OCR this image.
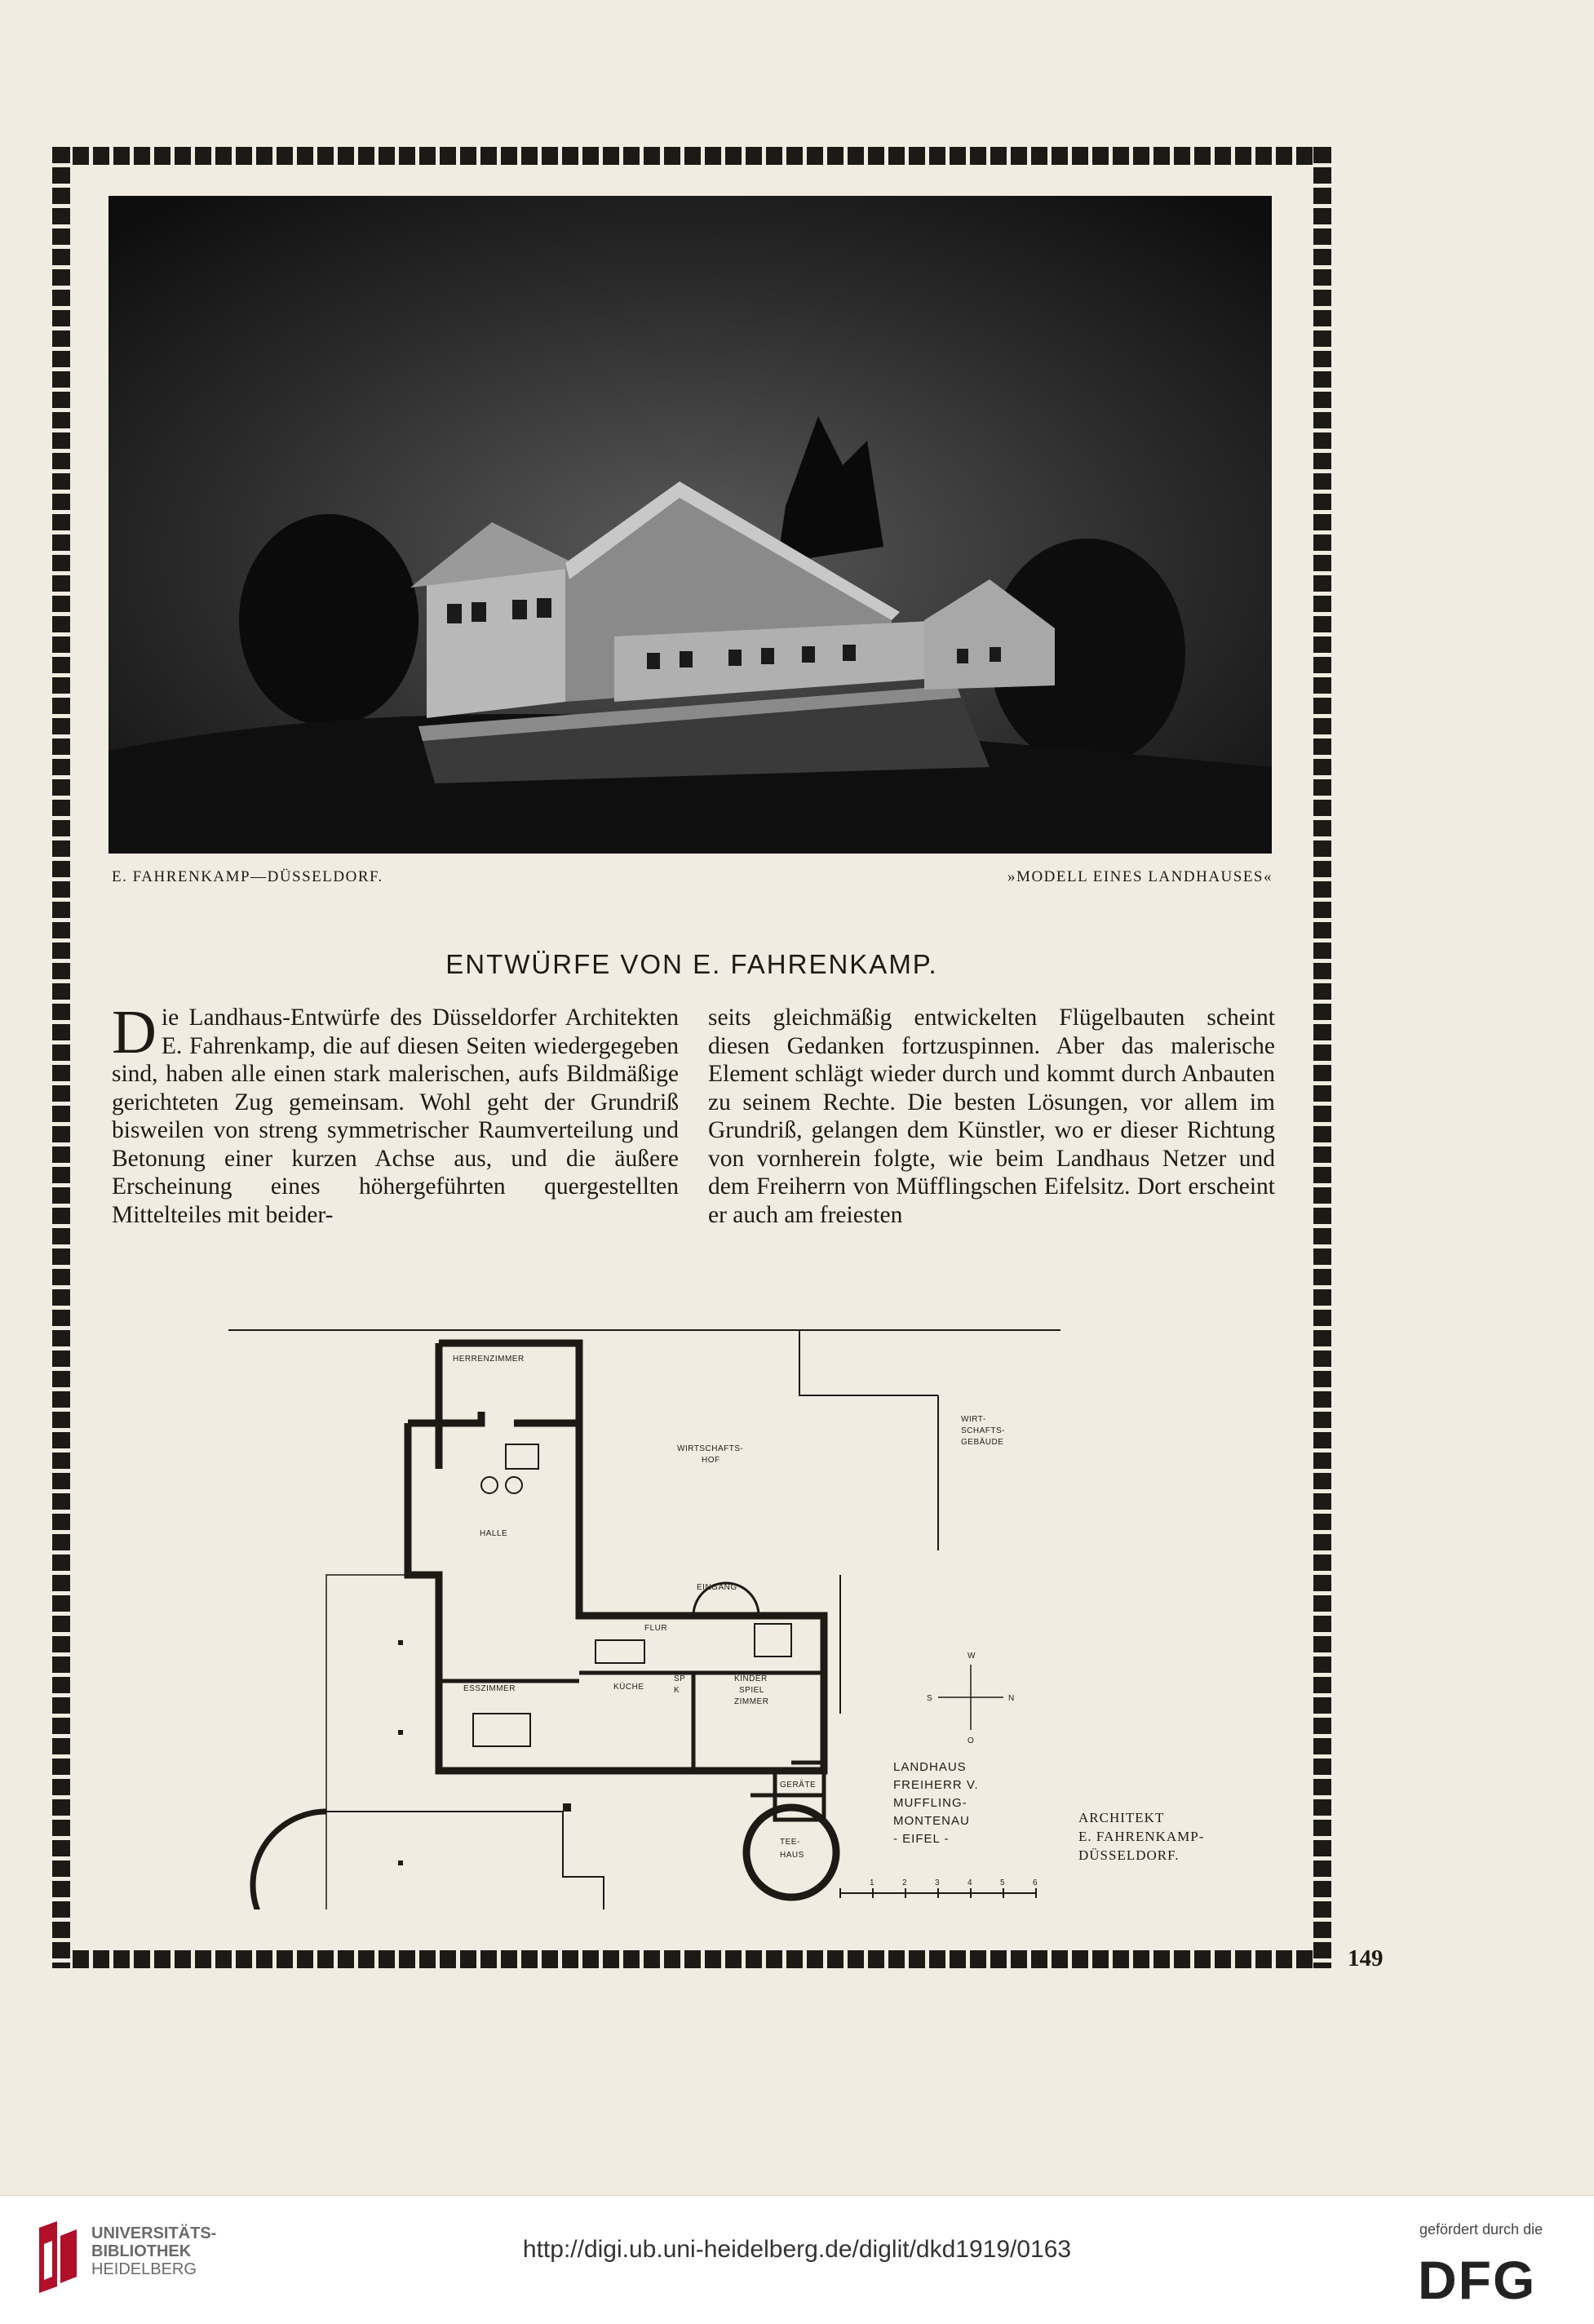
E. FAHRENKAMP—DÜSSELDORF.	»MODELL EINES LANDHAUSES«
ENTWÜRFE VON E. FAHRENKAMP.
Die Landhaus-Entwürfe des Düsseldorfer Architekten E. Fahrenkamp, die auf diesen Seiten wiedergegeben sind, haben alle einen stark malerischen, aufs Bildmäßige gerichteten Zug gemeinsam. Wohl geht der Grundriß bisweilen von streng symmetrischer Raumverteilung und Betonung einer kurzen Achse aus, und die äußere Erscheinung eines höhergeführten quergestellten Mittelteiles mit beider-
seits gleichmäßig entwickelten Flügelbauten scheint diesen Gedanken fortzuspinnen. Aber das malerische Element schlägt wieder durch und kommt durch Anbauten zu seinem Rechte. Die besten Lösungen, vor allem im Grundriß, gelangen dem Künstler, wo er dieser Richtung von vornherein folgte, wie beim Landhaus Netzer und dem Freiherrn von Müfflingschen Eifelsitz. Dort erscheint er auch am freiesten
HERRENZIMMER
WIRTSCHAFTS-
HOF
WIRT-
SCHAFTS-
GEBÄUDE
HALLE
EINGANG
FLUR
ESSZIMMER	KÜCHE
SP
K
KINDER
SPIEL
ZIMMER
GERÄTE
TEE-
HAUS
W
N
O
S
LANDHAUS
FREIHERR V.
MUFFLING-
MONTENAU
- EIFEL -
1	2	3	4	5	6
ARCHITEKT
E. FAHRENKAMP-
DÜSSELDORF.
149
UNIVERSITÄTS-
BIBLIOTHEK
HEIDELBERG
http://digi.ub.uni-heidelberg.de/diglit/dkd1919/0163
gefördert durch die
DFG
